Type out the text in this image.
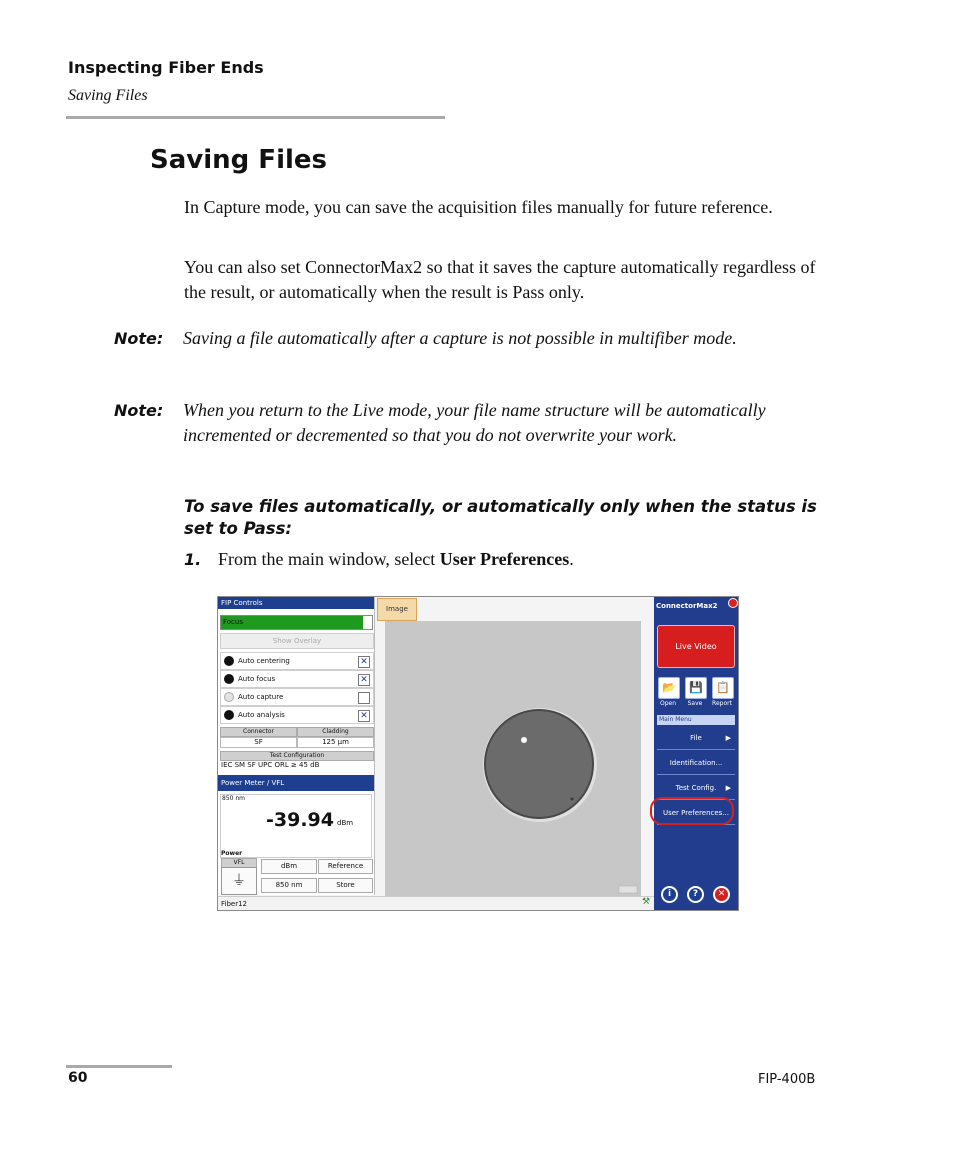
Inspecting Fiber Ends
Saving Files
Saving Files
In Capture mode, you can save the acquisition files manually for future reference.
You can also set ConnectorMax2 so that it saves the capture automatically regardless of the result, or automatically when the result is Pass only.
Note: Saving a file automatically after a capture is not possible in multifiber mode.
Note: When you return to the Live mode, your file name structure will be automatically incremented or decremented so that you do not overwrite your work.
To save files automatically, or automatically only when the status is set to Pass:
1. From the main window, select User Preferences.
FIP Controls
Focus
Show Overlay
Auto centering	✕
Auto focus	✕
Auto capture
Auto analysis	✕
Connector	Cladding
SF	125 µm
Test Configuration
IEC SM SF UPC ORL ≥ 45 dB
Power Meter / VFL
850 nm
-39.94 dBm
Power
VFL
⏚
dBm	Reference
850 nm	Store
Image
Fiber12	⚒
ConnectorMax2
Live Video
📂	💾	📋
Open	Save	Report
Main Menu
File	▶
Identification...
Test Config. ▶
User Preferences...
i	?	✕
60	FIP-400B
